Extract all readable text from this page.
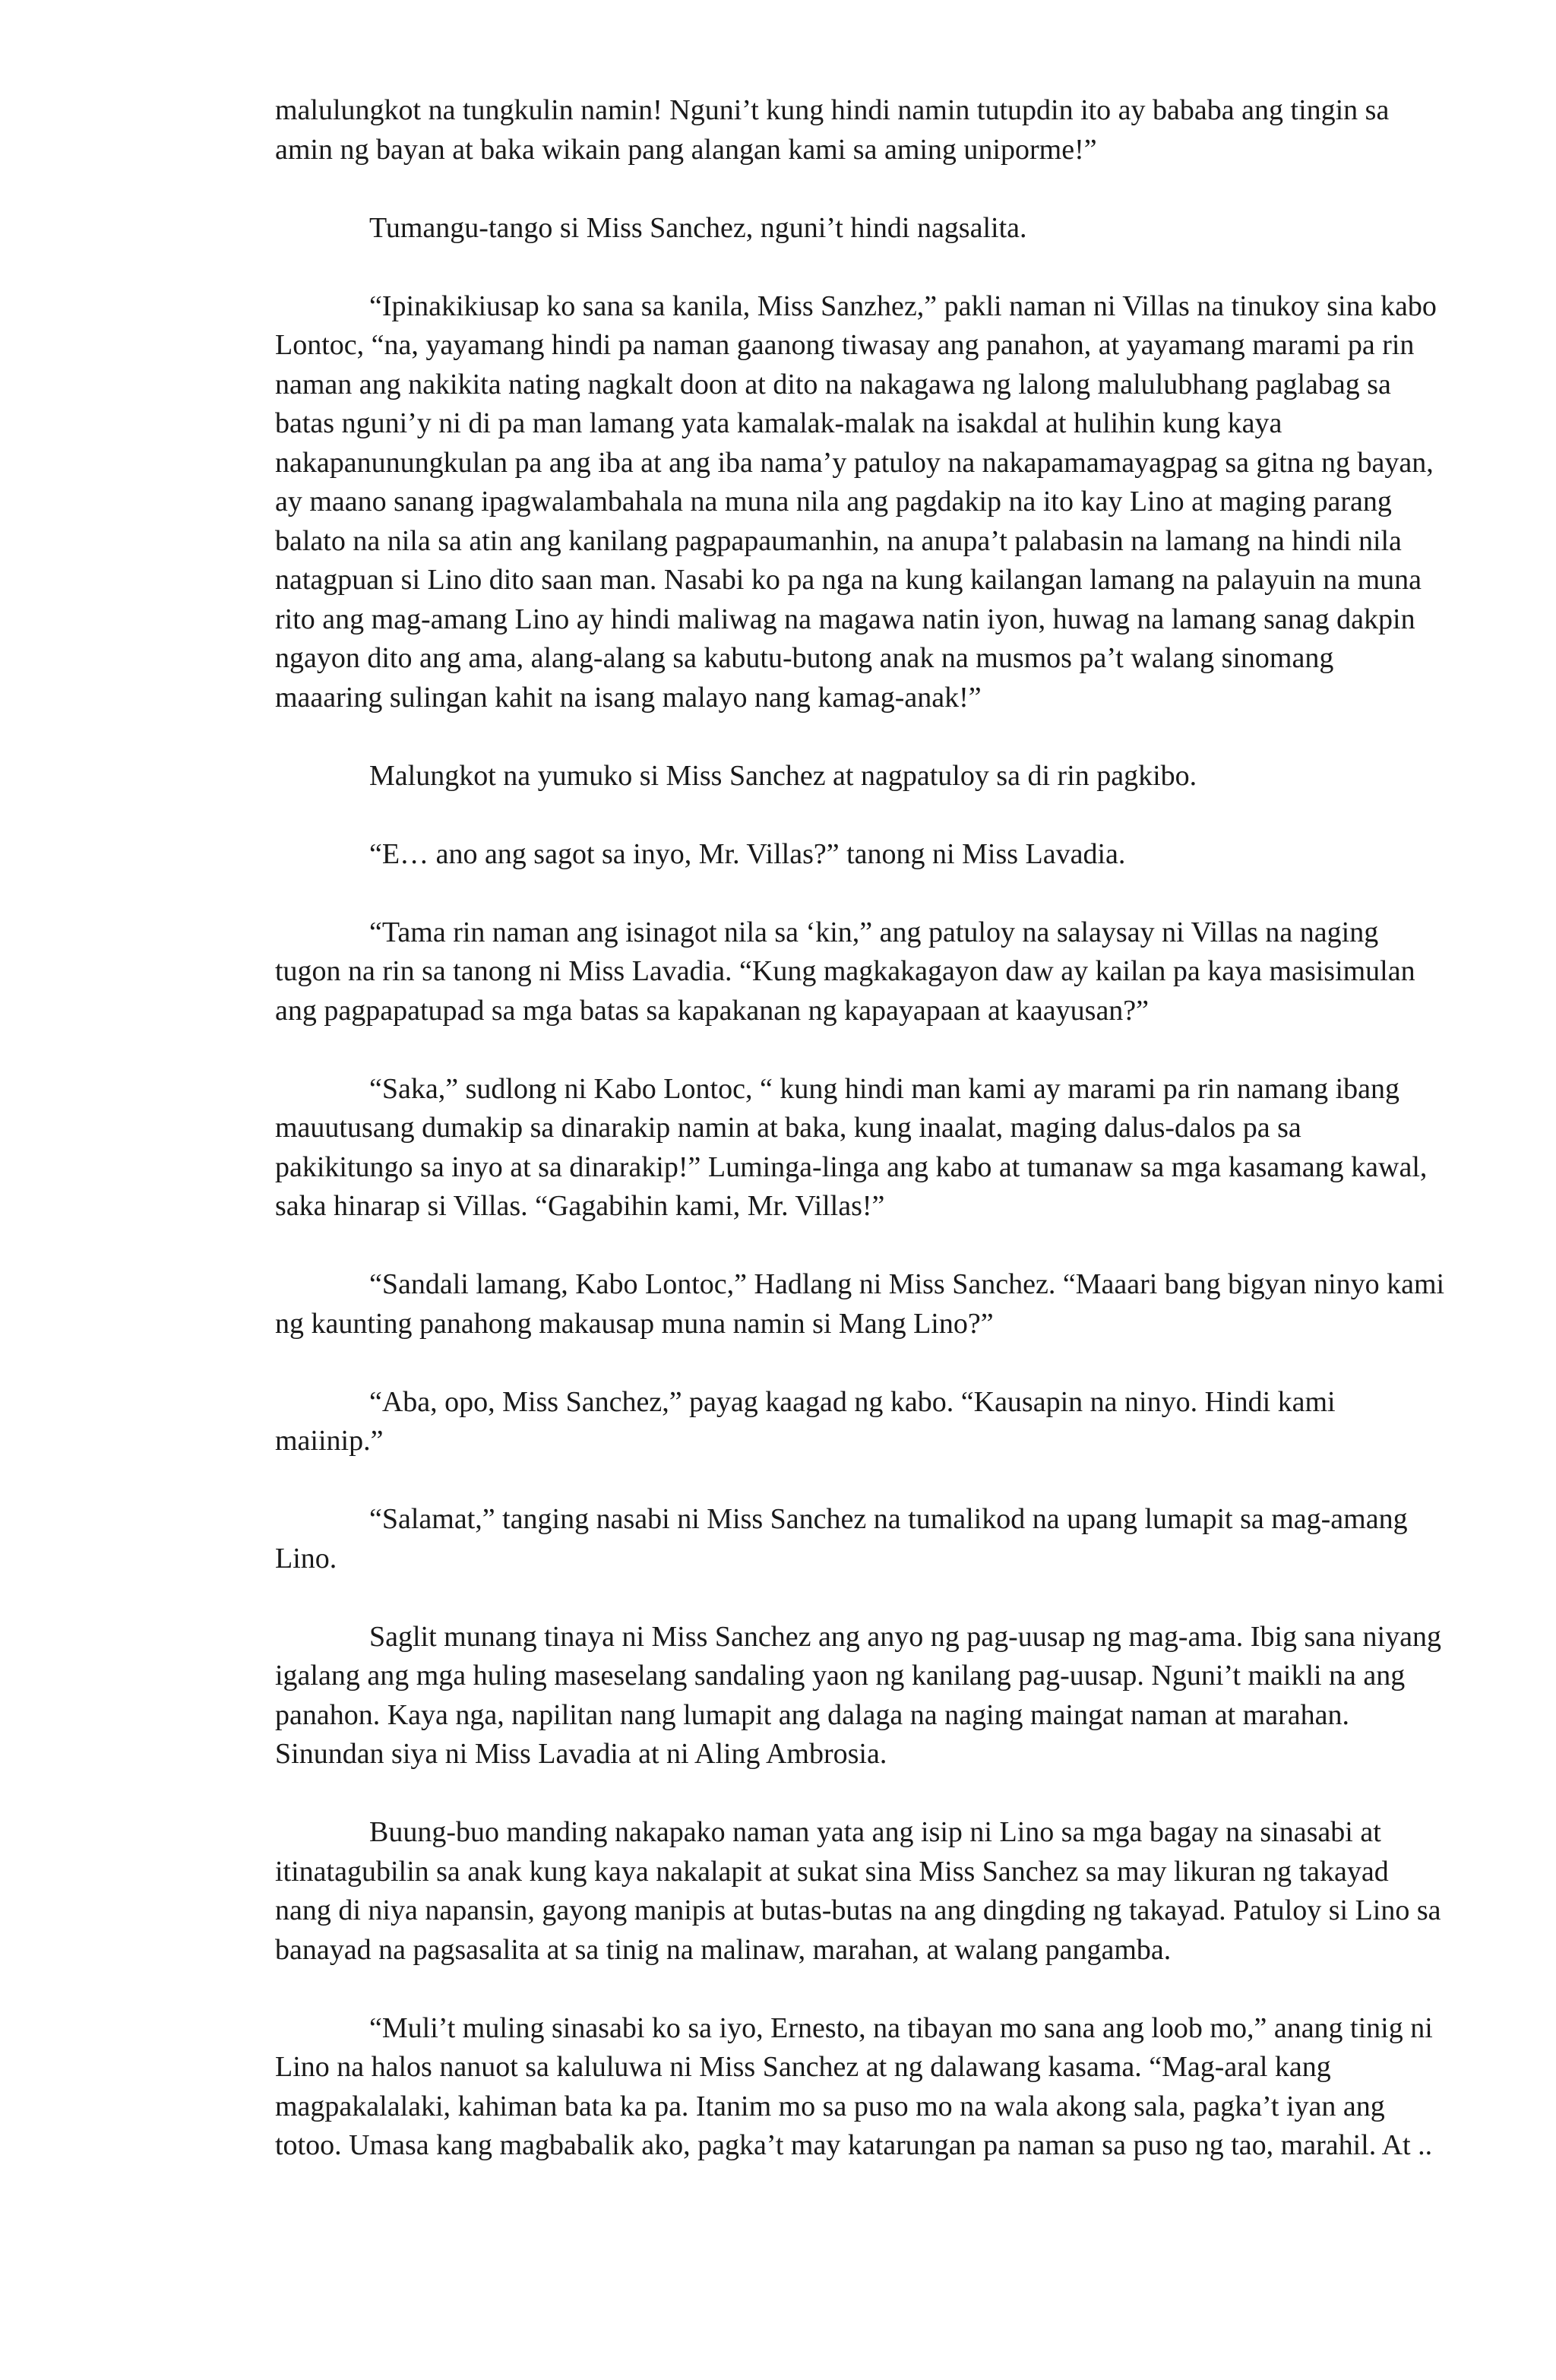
malulungkot na tungkulin namin! Nguni’t kung hindi namin tutupdin ito ay bababa ang tingin sa amin ng bayan at baka wikain pang alangan kami sa aming uniporme!”

Tumangu-tango si Miss Sanchez, nguni’t hindi nagsalita.

“Ipinakikiusap ko sana sa kanila, Miss Sanzhez,” pakli naman ni Villas na tinukoy sina kabo Lontoc, “na, yayamang hindi pa naman gaanong tiwasay ang panahon, at yayamang marami pa rin naman ang nakikita nating nagkalt doon at dito na nakagawa ng lalong malulubhang paglabag sa batas nguni’y ni di pa man lamang yata kamalak-malak na isakdal at hulihin kung kaya nakapanunungkulan pa ang iba at ang iba nama’y patuloy na nakapamamayagpag sa gitna ng bayan, ay maano sanang ipagwalambahala na muna nila ang pagdakip na ito kay Lino at maging parang balato na nila sa atin ang kanilang pagpapaumanhin, na anupa’t palabasin na lamang na hindi nila natagpuan si Lino dito saan man. Nasabi ko pa nga na kung kailangan lamang na palayuin na muna rito ang mag-amang Lino ay hindi maliwag na magawa natin iyon, huwag na lamang sanag dakpin ngayon dito ang ama, alang-alang sa kabutu-butong anak na musmos pa’t walang sinomang maaaring sulingan kahit na isang malayo nang kamag-anak!”

Malungkot na yumuko si Miss Sanchez at nagpatuloy sa di rin pagkibo.

“E… ano ang sagot sa inyo, Mr. Villas?” tanong ni Miss Lavadia.

“Tama rin naman ang isinagot nila sa ‘kin,” ang patuloy na salaysay ni Villas na naging tugon na rin sa tanong ni Miss Lavadia. “Kung magkakagayon daw ay kailan pa kaya masisimulan ang pagpapatupad sa mga batas sa kapakanan ng kapayapaan at kaayusan?”

“Saka,” sudlong ni Kabo Lontoc, “ kung hindi man kami ay marami pa rin namang ibang mauutusang dumakip sa dinarakip namin at baka, kung inaalat, maging dalus-dalos pa sa pakikitungo sa inyo at sa dinarakip!” Luminga-linga ang kabo at tumanaw sa mga kasamang kawal, saka hinarap si Villas. “Gagabihin kami, Mr. Villas!”

“Sandali lamang, Kabo Lontoc,” Hadlang ni Miss Sanchez. “Maaari bang bigyan ninyo kami ng kaunting panahong makausap muna namin si Mang Lino?”

“Aba, opo, Miss Sanchez,” payag kaagad ng kabo. “Kausapin na ninyo. Hindi kami maiinip.”

“Salamat,” tanging nasabi ni Miss Sanchez na tumalikod na upang lumapit sa mag-amang Lino.

Saglit munang tinaya ni Miss Sanchez ang anyo ng pag-uusap ng mag-ama. Ibig sana niyang igalang ang mga huling maseselang sandaling yaon ng kanilang pag-uusap. Nguni’t maikli na ang panahon. Kaya nga, napilitan nang lumapit ang dalaga na naging maingat naman at marahan. Sinundan siya ni Miss Lavadia at ni Aling Ambrosia.

Buung-buo manding nakapako naman yata ang isip ni Lino sa mga bagay na sinasabi at itinatagubilin sa anak kung kaya nakalapit at sukat sina Miss Sanchez sa may likuran ng takayad nang di niya napansin, gayong manipis at butas-butas na ang dingding ng takayad. Patuloy si Lino sa banayad na pagsasalita at sa tinig na malinaw, marahan, at walang pangamba.

“Muli’t muling sinasabi ko sa iyo, Ernesto, na tibayan mo sana ang loob mo,” anang tinig ni Lino na halos nanuot sa kaluluwa ni Miss Sanchez at ng dalawang kasama. “Mag-aral kang magpakalalaki, kahiman bata ka pa. Itanim mo sa puso mo na wala akong sala, pagka’t iyan ang totoo. Umasa kang magbabalik ako, pagka’t may katarungan pa naman sa puso ng tao, marahil. At ..
